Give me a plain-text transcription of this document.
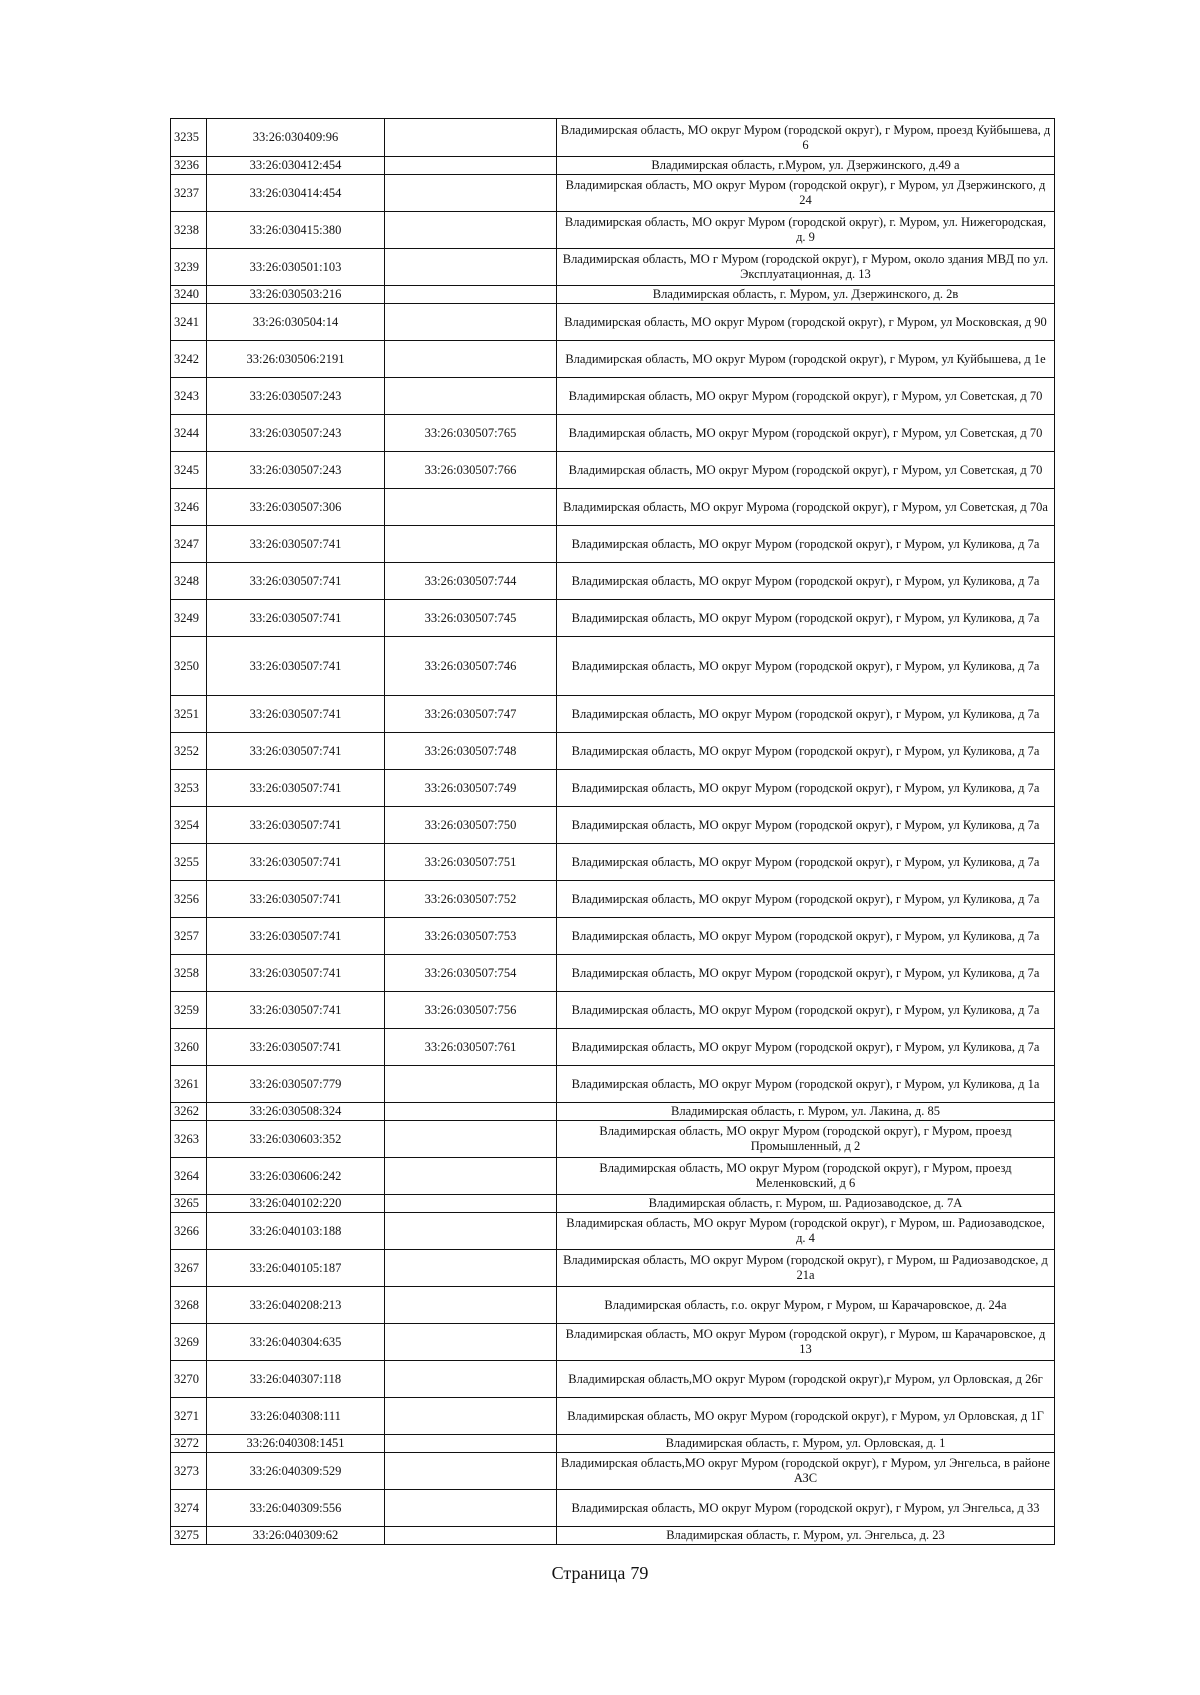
3235	33:26:030409:96		Владимирская область, МО округ Муром (городской округ), г Муром, проезд Куйбышева, д 6
3236	33:26:030412:454		Владимирская область, г.Муром, ул. Дзержинского, д.49 а
3237	33:26:030414:454		Владимирская область, МО округ Муром (городской округ), г Муром, ул Дзержинского, д 24
3238	33:26:030415:380		Владимирская область, МО округ Муром (городской округ), г. Муром, ул. Нижегородская, д. 9
3239	33:26:030501:103		Владимирская область, МО г Муром (городской округ), г Муром, около здания МВД по ул. Эксплуатационная, д. 13
3240	33:26:030503:216		Владимирская область, г. Муром, ул. Дзержинского, д. 2в
3241	33:26:030504:14		Владимирская область, МО округ Муром (городской округ), г Муром, ул Московская, д 90
3242	33:26:030506:2191		Владимирская область, МО округ Муром (городской округ), г Муром, ул Куйбышева, д 1е
3243	33:26:030507:243		Владимирская область, МО округ Муром (городской округ), г Муром, ул Советская, д 70
3244	33:26:030507:243	33:26:030507:765	Владимирская область, МО округ Муром (городской округ), г Муром, ул Советская, д 70
3245	33:26:030507:243	33:26:030507:766	Владимирская область, МО округ Муром (городской округ), г Муром, ул Советская, д 70
3246	33:26:030507:306		Владимирская область, МО округ Мурома (городской округ), г Муром, ул Советская, д 70а
3247	33:26:030507:741		Владимирская область, МО округ Муром (городской округ), г Муром, ул Куликова, д 7а
3248	33:26:030507:741	33:26:030507:744	Владимирская область, МО округ Муром (городской округ), г Муром, ул Куликова, д 7а
3249	33:26:030507:741	33:26:030507:745	Владимирская область, МО округ Муром (городской округ), г Муром, ул Куликова, д 7а
3250	33:26:030507:741	33:26:030507:746	Владимирская область, МО округ Муром (городской округ), г Муром, ул Куликова, д 7а
3251	33:26:030507:741	33:26:030507:747	Владимирская область, МО округ Муром (городской округ), г Муром, ул Куликова, д 7а
3252	33:26:030507:741	33:26:030507:748	Владимирская область, МО округ Муром (городской округ), г Муром, ул Куликова, д 7а
3253	33:26:030507:741	33:26:030507:749	Владимирская область, МО округ Муром (городской округ), г Муром, ул Куликова, д 7а
3254	33:26:030507:741	33:26:030507:750	Владимирская область, МО округ Муром (городской округ), г Муром, ул Куликова, д 7а
3255	33:26:030507:741	33:26:030507:751	Владимирская область, МО округ Муром (городской округ), г Муром, ул Куликова, д 7а
3256	33:26:030507:741	33:26:030507:752	Владимирская область, МО округ Муром (городской округ), г Муром, ул Куликова, д 7а
3257	33:26:030507:741	33:26:030507:753	Владимирская область, МО округ Муром (городской округ), г Муром, ул Куликова, д 7а
3258	33:26:030507:741	33:26:030507:754	Владимирская область, МО округ Муром (городской округ), г Муром, ул Куликова, д 7а
3259	33:26:030507:741	33:26:030507:756	Владимирская область, МО округ Муром (городской округ), г Муром, ул Куликова, д 7а
3260	33:26:030507:741	33:26:030507:761	Владимирская область, МО округ Муром (городской округ), г Муром, ул Куликова, д 7а
3261	33:26:030507:779		Владимирская область, МО округ Муром (городской округ), г Муром, ул Куликова, д 1а
3262	33:26:030508:324		Владимирская область, г. Муром, ул. Лакина, д. 85
3263	33:26:030603:352		Владимирская область, МО округ Муром (городской округ), г Муром, проезд Промышленный, д 2
3264	33:26:030606:242		Владимирская область, МО округ Муром (городской округ), г Муром, проезд Меленковский, д 6
3265	33:26:040102:220		Владимирская область, г. Муром, ш. Радиозаводское, д. 7А
3266	33:26:040103:188		Владимирская область, МО округ Муром (городской округ), г Муром, ш. Радиозаводское, д. 4
3267	33:26:040105:187		Владимирская область, МО округ Муром (городской округ), г Муром, ш Радиозаводское, д 21а
3268	33:26:040208:213		Владимирская область, г.о. округ Муром, г Муром, ш Карачаровское, д. 24а
3269	33:26:040304:635		Владимирская область, МО округ Муром (городской округ), г Муром, ш Карачаровское, д 13
3270	33:26:040307:118		Владимирская область,МО округ Муром (городской округ),г Муром, ул Орловская, д 26г
3271	33:26:040308:111		Владимирская область, МО округ Муром (городской округ), г Муром, ул Орловская, д 1Г
3272	33:26:040308:1451		Владимирская область, г. Муром, ул. Орловская, д. 1
3273	33:26:040309:529		Владимирская область,МО округ Муром (городской округ), г Муром, ул Энгельса, в районе АЗС
3274	33:26:040309:556		Владимирская область, МО округ Муром (городской округ), г Муром, ул Энгельса, д 33
3275	33:26:040309:62		Владимирская область, г. Муром, ул. Энгельса, д. 23
Страница 79
